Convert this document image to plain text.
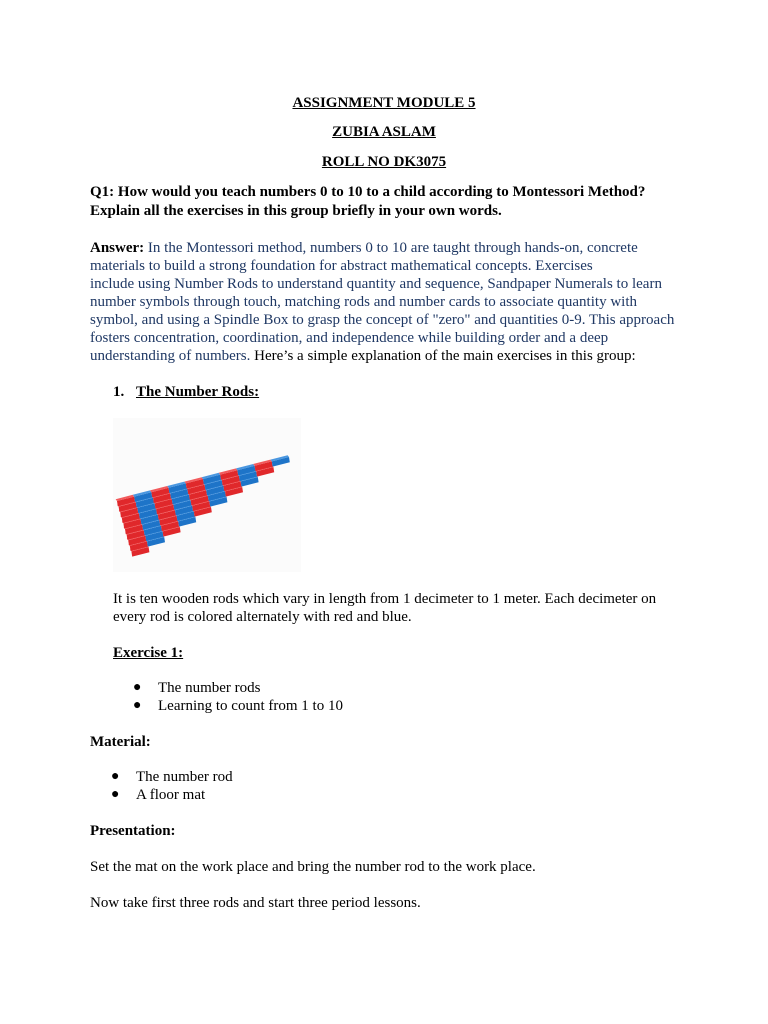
ASSIGNMENT MODULE 5
ZUBIA ASLAM
ROLL NO DK3075
Q1: How would you teach numbers 0 to 10 to a child according to Montessori Method?
Explain all the exercises in this group briefly in your own words.
Answer: In the Montessori method, numbers 0 to 10 are taught through hands-on, concrete
materials to build a strong foundation for abstract mathematical concepts. Exercises
include using Number Rods to understand quantity and sequence, Sandpaper Numerals to learn
number symbols through touch, matching rods and number cards to associate quantity with
symbol, and using a Spindle Box to grasp the concept of "zero" and quantities 0-9. This approach
fosters concentration, coordination, and independence while building order and a deep
understanding of numbers. Here’s a simple explanation of the main exercises in this group:
1. The Number Rods:
It is ten wooden rods which vary in length from 1 decimeter to 1 meter. Each decimeter on
every rod is colored alternately with red and blue.
Exercise 1:
● The number rods
● Learning to count from 1 to 10
Material:
● The number rod
● A floor mat
Presentation:
Set the mat on the work place and bring the number rod to the work place.
Now take first three rods and start three period lessons.
